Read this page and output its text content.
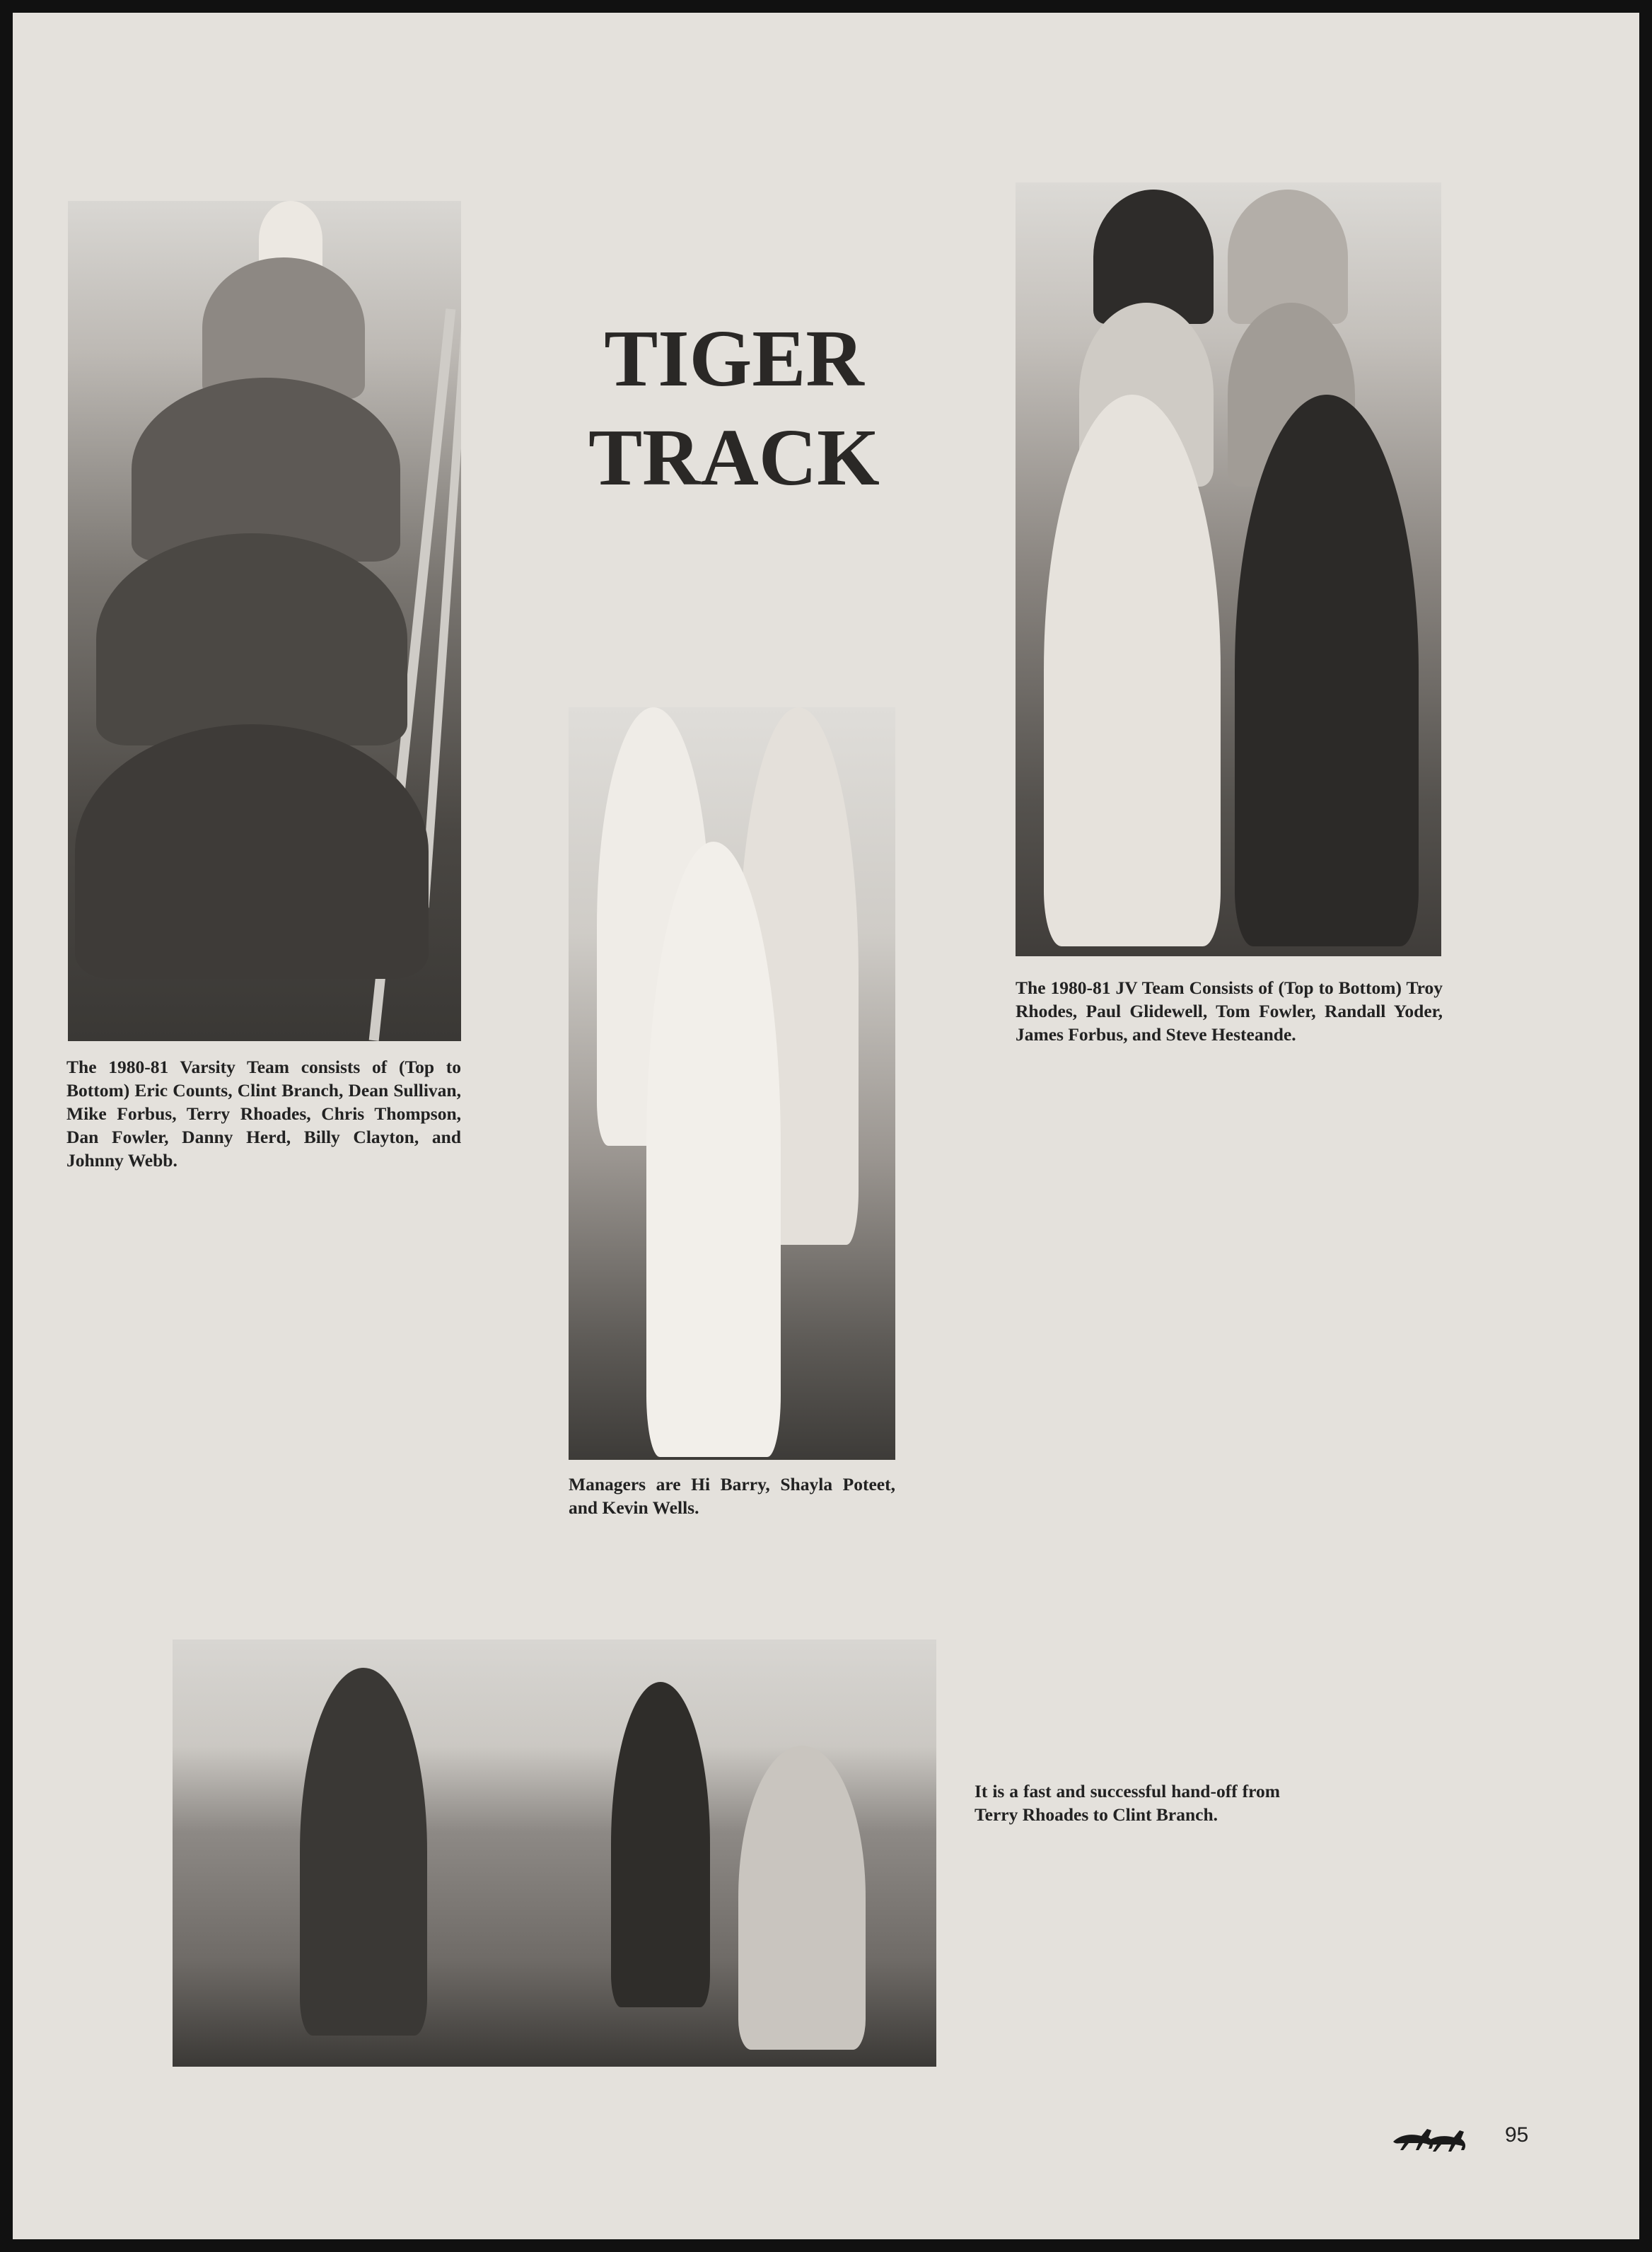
The 1980-81 Varsity Team consists of (Top to Bottom) Eric Counts, Clint Branch, Dean Sullivan, Mike Forbus, Terry Rhoades, Chris Thompson, Dan Fowler, Danny Herd, Billy Clayton, and Johnny Webb.
TIGER
TRACK
The 1980-81 JV Team Consists of (Top to Bottom) Troy Rhodes, Paul Glidewell, Tom Fowler, Randall Yoder, James Forbus, and Steve Hesteande.
Managers are Hi Barry, Shayla Poteet, and Kevin Wells.
It is a fast and successful hand-off from Terry Rhoades to Clint Branch.
95
